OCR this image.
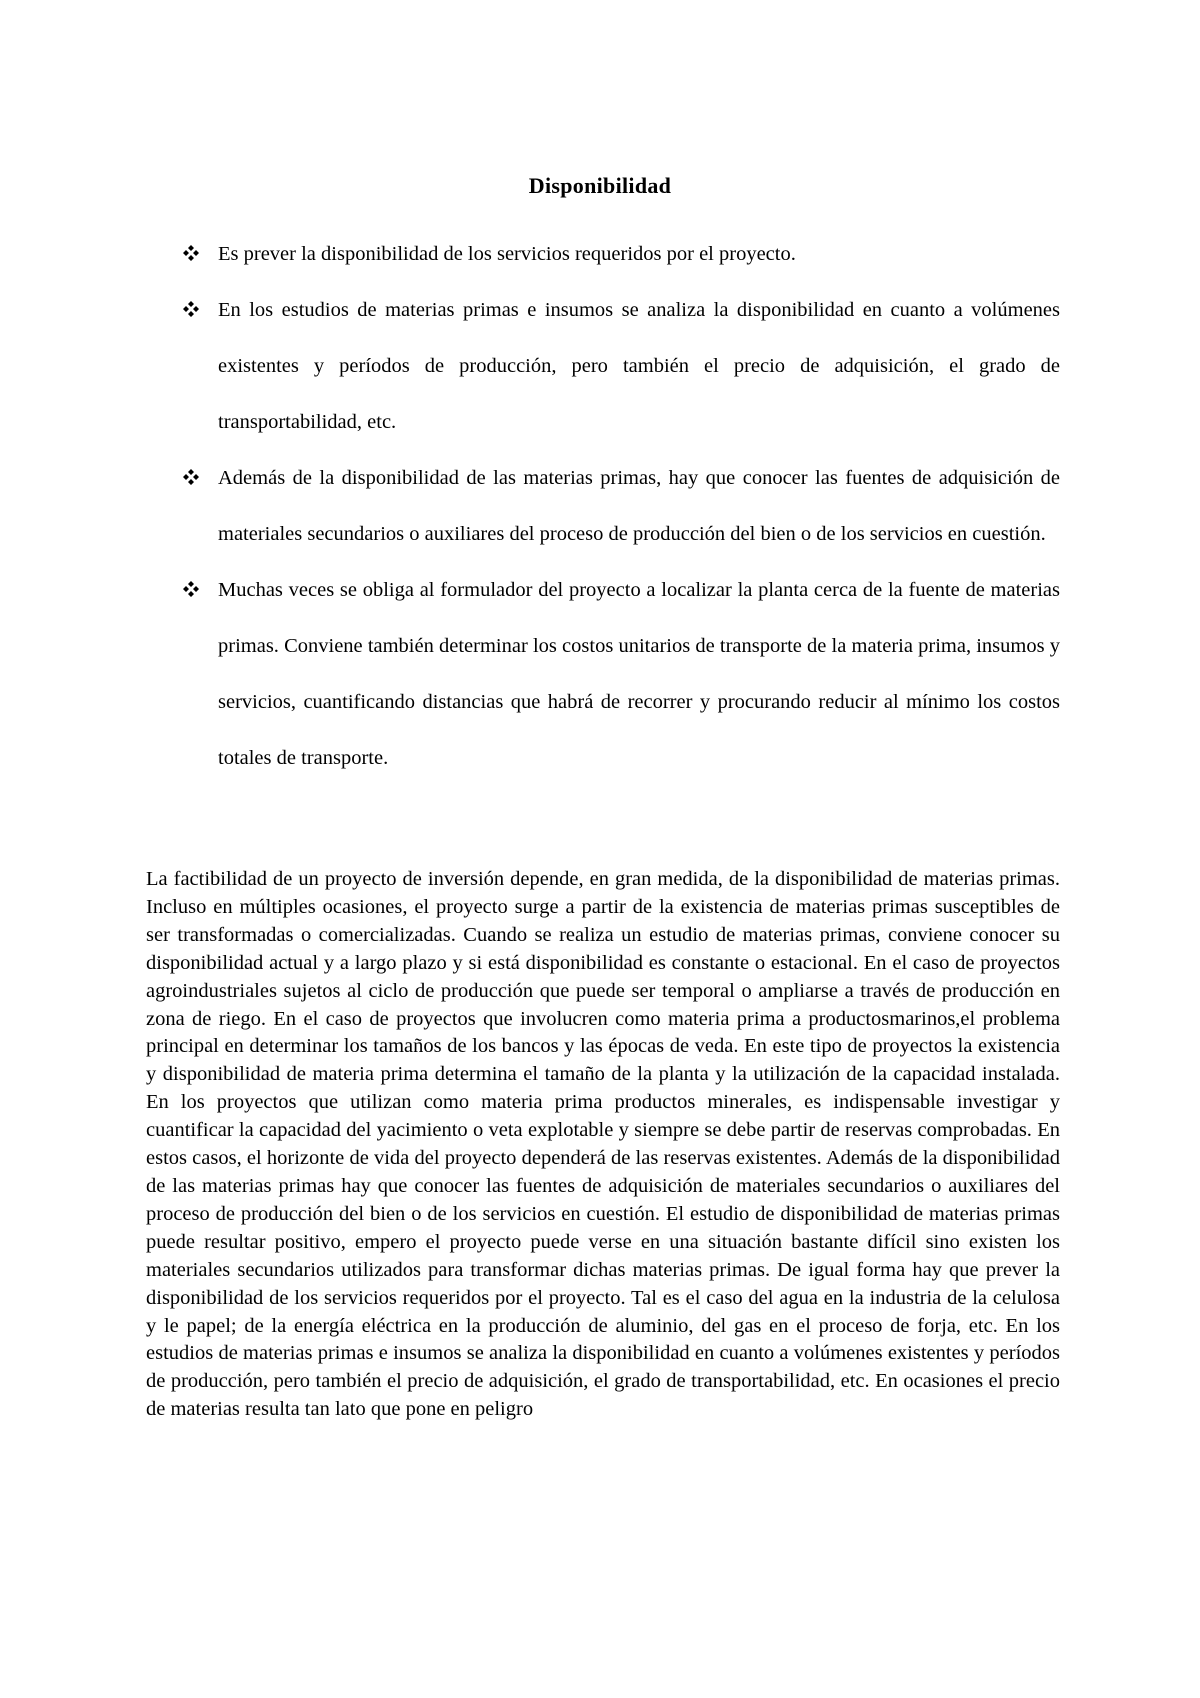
Disponibilidad
Es prever la disponibilidad de los servicios requeridos por el proyecto.
En los estudios de materias primas e insumos se analiza la disponibilidad en cuanto a volúmenes existentes y períodos de producción, pero también el precio de adquisición, el grado de transportabilidad, etc.
Además de la disponibilidad de las materias primas, hay que conocer las fuentes de adquisición de materiales secundarios o auxiliares del proceso de producción del bien o de los servicios en cuestión.
Muchas veces se obliga al formulador del proyecto a localizar la planta cerca de la fuente de materias primas. Conviene también determinar los costos unitarios de transporte de la materia prima, insumos y servicios, cuantificando distancias que habrá de recorrer y procurando reducir al mínimo los costos totales de transporte.

La factibilidad de un proyecto de inversión depende, en gran medida, de la disponibilidad de materias primas. Incluso en múltiples ocasiones, el proyecto surge a partir de la existencia de materias primas susceptibles de ser transformadas o comercializadas. Cuando se realiza un estudio de materias primas, conviene conocer su disponibilidad actual y a largo plazo y si está disponibilidad es constante o estacional. En el caso de proyectos agroindustriales sujetos al ciclo de producción que puede ser temporal o ampliarse a través de producción en zona de riego. En el caso de proyectos que involucren como materia prima a productosmarinos,el problema principal en determinar los tamaños de los bancos y las épocas de veda. En este tipo de proyectos la existencia y disponibilidad de materia prima determina el tamaño de la planta y la utilización de la capacidad instalada. En los proyectos que utilizan como materia prima productos minerales, es indispensable investigar y cuantificar la capacidad del yacimiento o veta explotable y siempre se debe partir de reservas comprobadas. En estos casos, el horizonte de vida del proyecto dependerá de las reservas existentes. Además de la disponibilidad de las materias primas hay que conocer las fuentes de adquisición de materiales secundarios o auxiliares del proceso de producción del bien o de los servicios en cuestión. El estudio de disponibilidad de materias primas puede resultar positivo, empero el proyecto puede verse en una situación bastante difícil sino existen los materiales secundarios utilizados para transformar dichas materias primas. De igual forma hay que prever la disponibilidad de los servicios requeridos por el proyecto. Tal es el caso del agua en la industria de la celulosa y le papel; de la energía eléctrica en la producción de aluminio, del gas en el proceso de forja, etc. En los estudios de materias primas e insumos se analiza la disponibilidad en cuanto a volúmenes existentes y períodos de producción, pero también el precio de adquisición, el grado de transportabilidad, etc. En ocasiones el precio de materias resulta tan lato que pone en peligro
